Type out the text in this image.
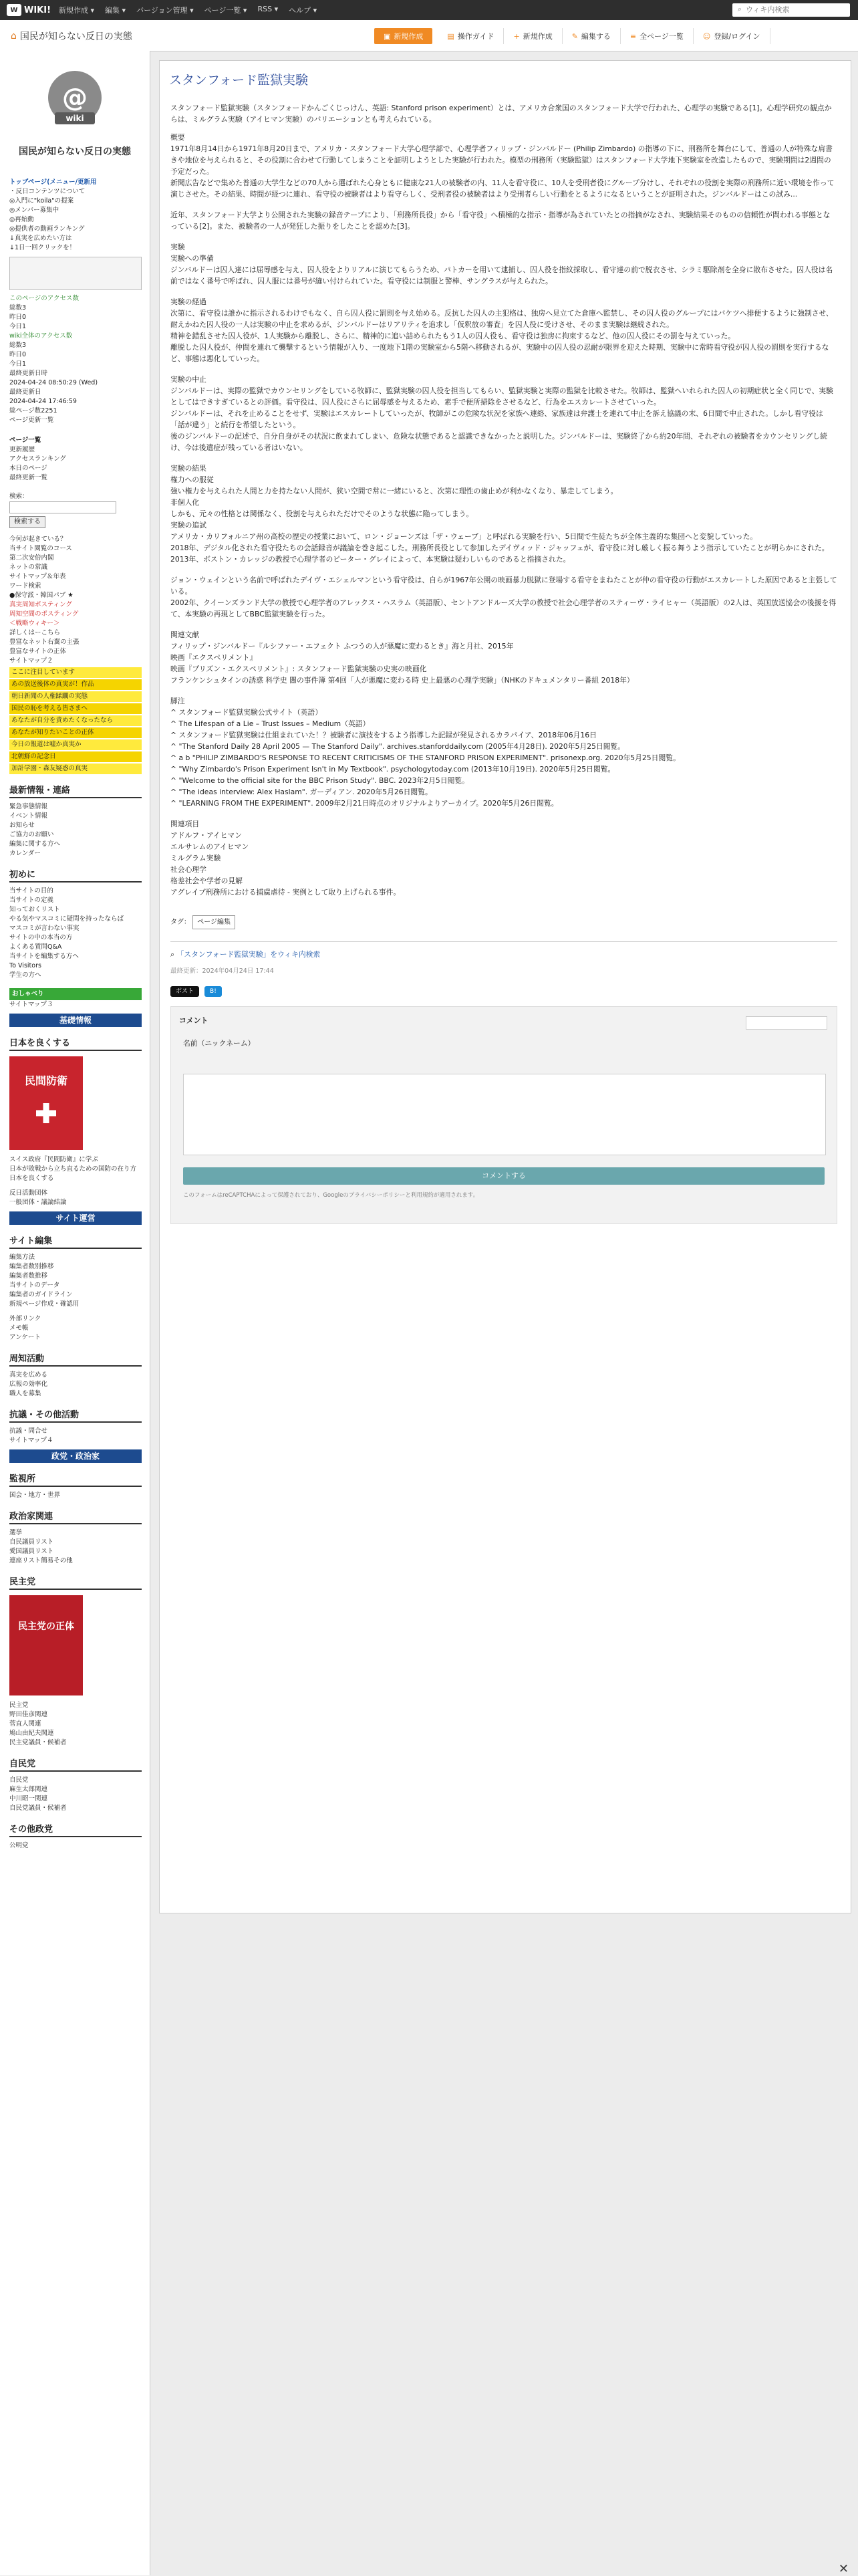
W WIKI! 新規作成 ▾ 編集 ▾ バージョン管理 ▾ ページ一覧 ▾ RSS ▾ ヘルプ ▾	⌕
ウィキ内検索
⌂ 国民が知らない反日の実態	▣ 新規作成	▤ 操作ガイド	+ 新規作成	✎ 編集する	≡ 全ページ一覧	☺ 登録/ログイン
@
wiki
国民が知らない反日の実態
トップページ(メニュー/更新用
・反日コンテンツについて
◎入門に"koila"の提案
◎メンバー募集中
◎再始動
◎提供者の動画ランキング
↓真実を広めたい方は
↓1日一回クリックを！
このページのアクセス数
総数3
昨日0
今日1
wiki全体のアクセス数
総数3
昨日0
今日1
最終更新日時
2024-04-24 08:50:29 (Wed)
最終更新日
2024-04-24 17:46:59
総ページ数2251
ページ更新一覧
ページ一覧
更新履歴
アクセスランキング
本日のページ
最終更新一覧
検索：
検索する
今何が起きている？
当サイト閲覧のコース
第二次安倍内閣
ネットの常識
サイトマップ＆年表
ワード検索
●保守派・韓国パブ ★
真実周知ポスティング
周知空間のポスティング
＜戦略ウィキー＞
詳しくはーこちら
豊富なネット右翼の主張
豊富なサイトの正体
サイトマップ２
ここに注目しています
あの放送後体の真実が！作品
朝日新聞の人権蹂躙の実態
国民の恥を考える皆さまへ
あなたが自分を責めたくなったなら
あなたが知りたいことの正体
今日の報道は嘘か真実か
北朝鮮の記念日
加計学園・森友疑惑の真実
最新情報・連絡
緊急事態情報
イベント情報
お知らせ
ご協力のお願い
編集に関する方へ
カレンダー
初めに
当サイトの目的
当サイトの定義
知っておくリスト
やる気やマスコミに疑問を持ったならば
マスコミが言わない事実
サイトの中の本当の方
よくある質問Q&A
当サイトを編集する方へ
To Visitors
学生の方へ
おしゃべり
サイトマップ３
基礎情報
日本を良くする
民間防衛
スイス政府『民間防衛』に学ぶ
日本が敗戦から立ち直るための国防の在り方
日本を良くする
反日活動団体
一般団体・議論結論
サイト運営
サイト編集
編集方法
編集者数別推移
編集者数推移
当サイトのデータ
編集者のガイドライン
新規ページ作成・確認用
外部リンク
メモ帳
アンケート
周知活動
真実を広める
広報の効率化
職人を募集
抗議・その他活動
抗議・問合せ
サイトマップ４
政党・政治家
監視所
国会・地方・世界
政治家関連
選挙
自民議員リスト
愛国議員リスト
連座リスト簡易その他
民主党
民主党の正体
民主党
野田佳彦関連
菅直人関連
鳩山由紀夫関連
民主党議員・候補者
自民党
自民党
麻生太郎関連
中川昭一関連
自民党議員・候補者
その他政党
公明党
スタンフォード監獄実験

スタンフォード監獄実験（スタンフォードかんごくじっけん、英語: Stanford prison experiment）とは、アメリカ合衆国のスタンフォード大学で行われた、心理学の実験である[1]。心理学研究の観点からは、ミルグラム実験（アイヒマン実験）のバリエーションとも考えられている。

概要
1971年8月14日から1971年8月20日まで、アメリカ・スタンフォード大学心理学部で、心理学者フィリップ・ジンバルドー (Philip Zimbardo) の指導の下に、刑務所を舞台にして、普通の人が特殊な肩書きや地位を与えられると、その役割に合わせて行動してしまうことを証明しようとした実験が行われた。模型の刑務所（実験監獄）はスタンフォード大学地下実験室を改造したもので、実験期間は2週間の予定だった。
新聞広告などで集めた普通の大学生などの70人から選ばれた心身ともに健康な21人の被験者の内、11人を看守役に、10人を受刑者役にグループ分けし、それぞれの役割を実際の刑務所に近い環境を作って演じさせた。その結果、時間が経つに連れ、看守役の被験者はより看守らしく、受刑者役の被験者はより受刑者らしい行動をとるようになるということが証明された。ジンバルドーはこの試み...
近年、スタンフォード大学より公開された実験の録音テープにより、「刑務所長役」から「看守役」へ積極的な指示・指導が為されていたとの指摘がなされ、実験結果そのものの信頼性が問われる事態となっている[2]。また、被験者の一人が発狂した振りをしたことを認めた[3]。
実験
実験への準備
ジンバルドーは囚人達には屈辱感を与え、囚人役をよりリアルに演じてもらうため、パトカーを用いて逮捕し、囚人役を指紋採取し、看守達の前で脱衣させ、シラミ駆除剤を全身に散布させた。囚人役は名前ではなく番号で呼ばれ、囚人服には番号が縫い付けられていた。看守役には制服と警棒、サングラスが与えられた。
実験の経過
次第に、看守役は誰かに指示されるわけでもなく、自ら囚人役に罰則を与え始める。反抗した囚人の主犯格は、独房へ見立てた倉庫へ監禁し、その囚人役のグループにはバケツへ排便するように強制させ、耐えかねた囚人役の一人は実験の中止を求めるが、ジンバルドーはリアリティを追求し「仮釈放の審査」を囚人役に受けさせ、そのまま実験は継続された。
精神を錯乱させた囚人役が、1人実験から離脱し、さらに、精神的に追い詰められたもう1人の囚人役も、看守役は独房に拘束するなど、他の囚人役にその罰を与えていった。
離脱した囚人役が、仲間を連れて襲撃するという情報が入り、一度地下1階の実験室から5階へ移動されるが、実験中の囚人役の忍耐が限界を迎えた時期、実験中に常時看守役が囚人役の罰則を実行するなど、事態は悪化していった。
実験の中止
ジンバルドーは、実際の監獄でカウンセリングをしている牧師に、監獄実験の囚人役を担当してもらい、監獄実験と実際の監獄を比較させた。牧師は、監獄へいれられた囚人の初期症状と全く同じで、実験としてはできすぎているとの評価。看守役は、囚人役にさらに屈辱感を与えるため、素手で便所掃除をさせるなど、行為をエスカレートさせていった。
ジンバルドーは、それを止めることをせず、実験はエスカレートしていったが、牧師がこの危険な状況を家族へ連絡、家族達は弁護士を連れて中止を訴え協議の末、6日間で中止された。しかし看守役は「話が違う」と続行を希望したという。
後のジンバルドーの記述で、自分自身がその状況に飲まれてしまい、危険な状態であると認識できなかったと説明した。ジンバルドーは、実験終了から約20年間、それぞれの被験者をカウンセリングし続け、今は後遺症が残っている者はいない。
実験の結果
権力への服従
強い権力を与えられた人間と力を持たない人間が、狭い空間で常に一緒にいると、次第に理性の歯止めが利かなくなり、暴走してしまう。
非個人化
しかも、元々の性格とは関係なく、役割を与えられただけでそのような状態に陥ってしまう。
実験の追試
アメリカ・カリフォルニア州の高校の歴史の授業において、ロン・ジョーンズは「ザ・ウェーブ」と呼ばれる実験を行い、5日間で生徒たちが全体主義的な集団へと変貌していった。
2018年、デジタル化された看守役たちの会話録音が議論を巻き起こした。刑務所長役として参加したデイヴィッド・ジャッフェが、看守役に対し厳しく振る舞うよう指示していたことが明らかにされた。
2013年、ボストン・カレッジの教授で心理学者のピーター・グレイによって、本実験は疑わしいものであると指摘された。
ジョン・ウェインという名前で呼ばれたデイヴ・エシェルマンという看守役は、自らが1967年公開の映画暴力脱獄に登場する看守をまねたことが仲の看守役の行動がエスカレートした原因であると主張している。
2002年、クイーンズランド大学の教授で心理学者のアレックス・ハスラム（英語版）、セントアンドルーズ大学の教授で社会心理学者のスティーヴ・ライヒャー（英語版）の2人は、英国放送協会の後援を得て、本実験の再現としてBBC監獄実験を行った。
関連文献
フィリップ・ジンバルドー『ルシファー・エフェクト ふつうの人が悪魔に変わるとき』海と月社、2015年
映画『エクスペリメント』
映画『プリズン・エクスペリメント』: スタンフォード監獄実験の史実の映画化
フランケンシュタインの誘惑 科学史 闇の事件簿 第4回「人が悪魔に変わる時 史上最悪の心理学実験」（NHKのドキュメンタリー番組 2018年）
脚注
^ スタンフォード監獄実験公式サイト（英語）
^ The Lifespan of a Lie – Trust Issues – Medium（英語）
^ スタンフォード監獄実験は仕組まれていた！？被験者に演技をするよう指導した記録が発見されるカラパイア、2018年06月16日
^ "The Stanford Daily 28 April 2005 — The Stanford Daily". archives.stanforddaily.com (2005年4月28日). 2020年5月25日閲覧。
^ a b "PHILIP ZIMBARDO'S RESPONSE TO RECENT CRITICISMS OF THE STANFORD PRISON EXPERIMENT". prisonexp.org. 2020年5月25日閲覧。
^ "Why Zimbardo's Prison Experiment Isn't in My Textbook". psychologytoday.com (2013年10月19日). 2020年5月25日閲覧。
^ "Welcome to the official site for the BBC Prison Study". BBC. 2023年2月5日閲覧。
^ "The ideas interview: Alex Haslam". ガーディアン. 2020年5月26日閲覧。
^ "LEARNING FROM THE EXPERIMENT". 2009年2月21日時点のオリジナルよりアーカイブ。2020年5月26日閲覧。
関連項目
アドルフ・アイヒマン
エルサレムのアイヒマン
ミルグラム実験
社会心理学
格差社会や学者の見解
アグレイブ刑務所における捕虜虐待 - 実例として取り上げられる事件。
タグ： ページ編集
⌕ 「スタンフォード監獄実験」をウィキ内検索
最終更新：2024年04月24日 17:44
ポスト	B!
コメント
名前（ニックネーム）
コメントする
このフォームはreCAPTCHAによって保護されており、Googleのプライバシーポリシーと利用規約が適用されます。
✕
